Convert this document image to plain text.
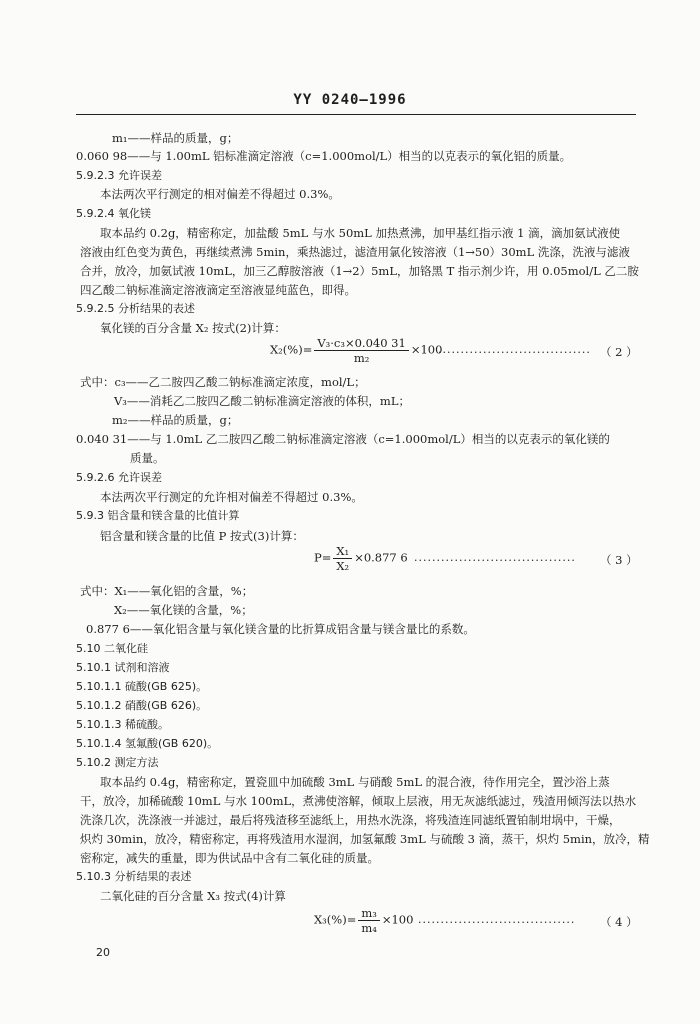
YY 0240—1996
m₁——样品的质量，g；
0.060 98——与 1.00mL 铝标准滴定溶液（c=1.000mol/L）相当的以克表示的氧化铝的质量。
5.9.2.3 允许误差
本法两次平行测定的相对偏差不得超过 0.3%。
5.9.2.4 氧化镁
取本品约 0.2g，精密称定，加盐酸 5mL 与水 50mL 加热煮沸，加甲基红指示液 1 滴，滴加氨试液使
溶液由红色变为黄色，再继续煮沸 5min，乘热滤过，滤渣用氯化铵溶液（1→50）30mL 洗涤，洗液与滤液
合并，放冷，加氨试液 10mL，加三乙醇胺溶液（1→2）5mL，加铬黑 T 指示剂少许，用 0.05mol/L 乙二胺
四乙酸二钠标准滴定溶液滴定至溶液显纯蓝色，即得。
5.9.2.5 分析结果的表述
氧化镁的百分含量 X₂ 按式(2)计算：
$X_2(\%)= \frac{\text{V₃·c₃×0.040 31}}{\text{m₂}} \times 100$
·································· （ 2 ）
式中：c₃——乙二胺四乙酸二钠标准滴定浓度，mol/L；
V₃——消耗乙二胺四乙酸二钠标准滴定溶液的体积，mL；
m₂——样品的质量，g；
0.040 31——与 1.0mL 乙二胺四乙酸二钠标准滴定溶液（c=1.000mol/L）相当的以克表示的氧化镁的
质量。
5.9.2.6 允许误差
本法两次平行测定的允许相对偏差不得超过 0.3%。
5.9.3 铝含量和镁含量的比值计算
铝含量和镁含量的比值 P 按式(3)计算：
$P= \frac{\text{X₁}}{\text{X₂}} \times 0.877$ 6 ···································· （ 3 ）
式中：X₁——氧化铝的含量，%；
X₂——氧化镁的含量，%；
0.877 6——氧化铝含量与氧化镁含量的比折算成铝含量与镁含量比的系数。
5.10 二氧化硅
5.10.1 试剂和溶液
5.10.1.1 硫酸(GB 625)。
5.10.1.2 硝酸(GB 626)。
5.10.1.3 稀硫酸。
5.10.1.4 氢氟酸(GB 620)。
5.10.2 测定方法
取本品约 0.4g，精密称定，置瓷皿中加硫酸 3mL 与硝酸 5mL 的混合液，待作用完全，置沙浴上蒸
干，放冷，加稀硫酸 10mL 与水 100mL，煮沸使溶解，倾取上层液，用无灰滤纸滤过，残渣用倾泻法以热水
洗涤几次，洗涤液一并滤过，最后将残渣移至滤纸上，用热水洗涤，将残渣连同滤纸置铂制坩埚中，干燥，
炽灼 30min，放冷，精密称定，再将残渣用水湿润，加氢氟酸 3mL 与硫酸 3 滴，蒸干，炽灼 5min，放冷，精
密称定，减失的重量，即为供试品中含有二氧化硅的质量。
5.10.3 分析结果的表述
二氧化硅的百分含量 X₃ 按式(4)计算
$X_3(\%)= \frac{\text{m₃}}{\text{m₄}} \times 100$ ··································· （ 4 ）
20
